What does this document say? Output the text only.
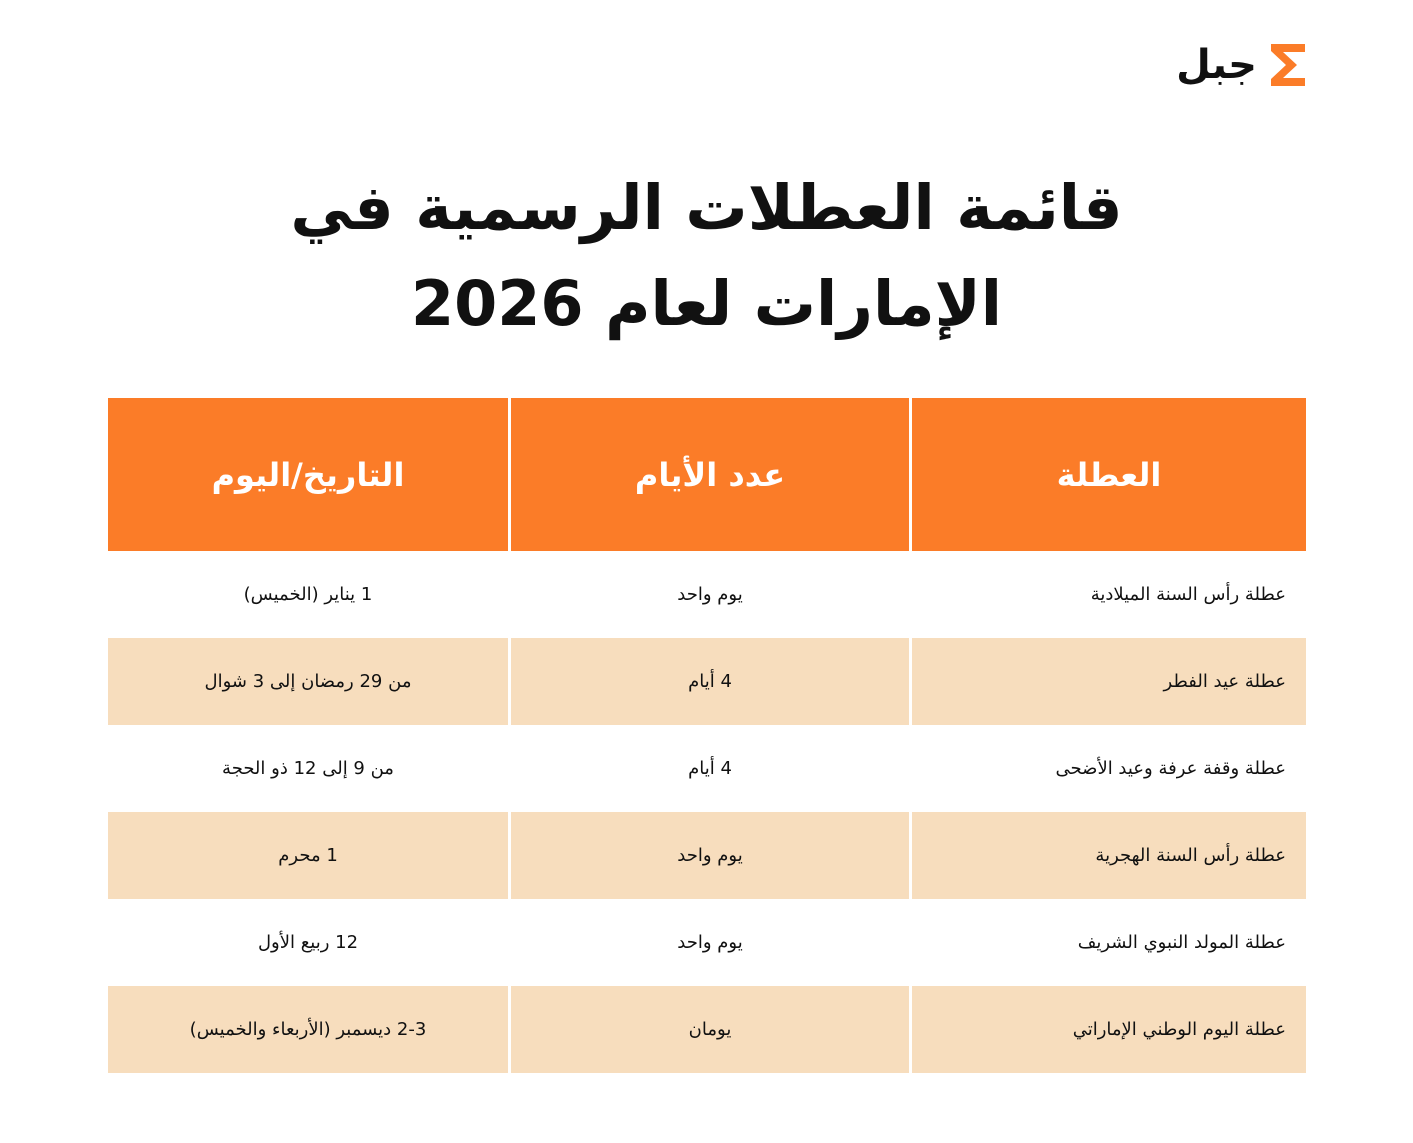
جبل
قائمة العطلات الرسمية في
الإمارات لعام 2026
العطلة
عدد الأيام
التاريخ/اليوم
عطلة رأس السنة الميلادية
يوم واحد
1 يناير (الخميس)
عطلة عيد الفطر
4 أيام
من 29 رمضان إلى 3 شوال
عطلة وقفة عرفة وعيد الأضحى
4 أيام
من 9 إلى 12 ذو الحجة
عطلة رأس السنة الهجرية
يوم واحد
1 محرم
عطلة المولد النبوي الشريف
يوم واحد
12 ربيع الأول
عطلة اليوم الوطني الإماراتي
يومان
2-3 ديسمبر (الأربعاء والخميس)
